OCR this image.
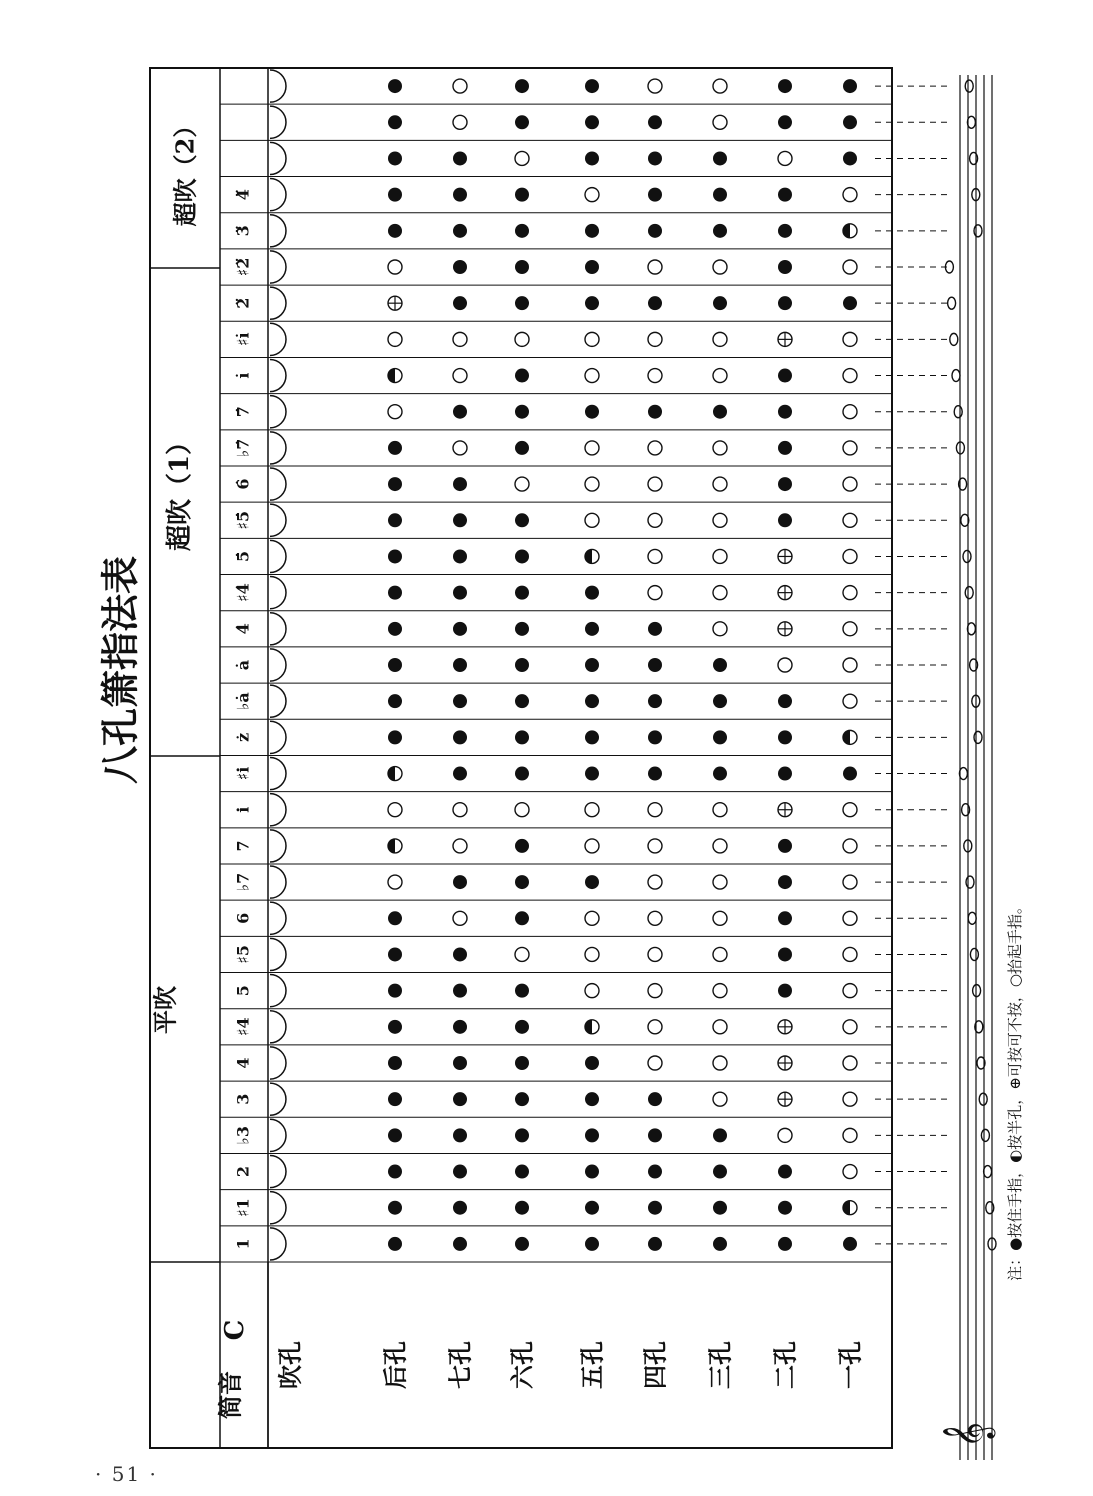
C
简音
吹孔	后孔 七孔 六孔 五孔 四孔 三孔 二孔 一孔
平吹
超吹（1）
超吹（2）
八孔箫指法表
1
♯1
2
♭3
3
4
♯4
5
♯5
6
♭7
7
i
♯i
ż
♭ȧ
ȧ
4̇
♯4̇
5̇
♯5̇
6̇
♭7̇
7̇
i̇
♯i̇
2̈
♯2̈
3̈
4̈
注：●按住手指，◐按半孔，⊕可按可不按，○抬起手指。
𝄞
· 51 ·
